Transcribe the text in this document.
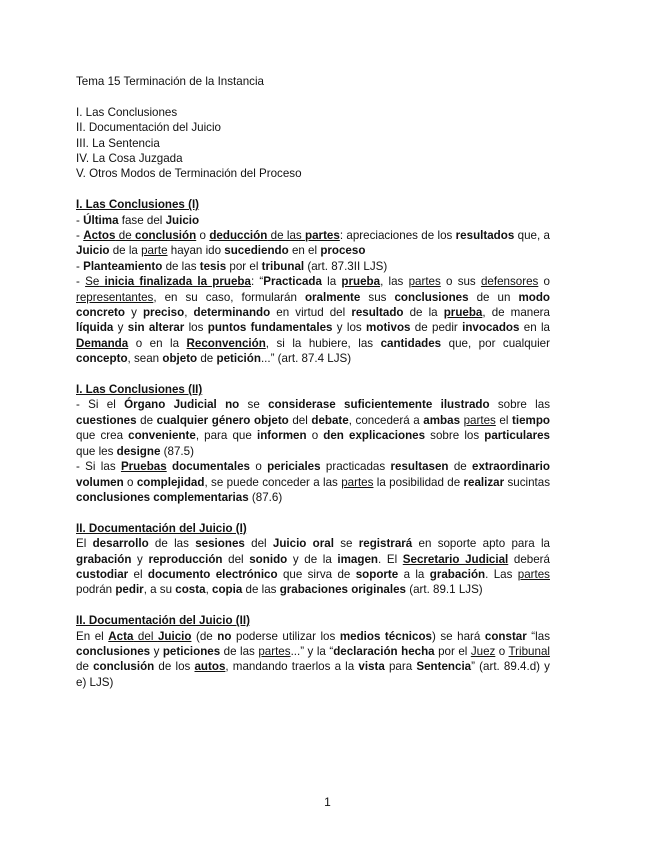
Tema 15 Terminación de la Instancia
I. Las Conclusiones
II. Documentación del Juicio
III. La Sentencia
IV. La Cosa Juzgada
V. Otros Modos de Terminación del Proceso
I. Las Conclusiones (I)
- Última fase del Juicio
- Actos de conclusión o deducción de las partes: apreciaciones de los resultados que, a Juicio de la parte hayan ido sucediendo en el proceso
- Planteamiento de las tesis por el tribunal (art. 87.3II LJS)
- Se inicia finalizada la prueba: “Practicada la prueba, las partes o sus defensores o representantes, en su caso, formularán oralmente sus conclusiones de un modo concreto y preciso, determinando en virtud del resultado de la prueba, de manera líquida y sin alterar los puntos fundamentales y los motivos de pedir invocados en la Demanda o en la Reconvención, si la hubiere, las cantidades que, por cualquier concepto, sean objeto de petición...” (art. 87.4 LJS)
I. Las Conclusiones (II)
- Si el Órgano Judicial no se considerase suficientemente ilustrado sobre las cuestiones de cualquier género objeto del debate, concederá a ambas partes el tiempo que crea conveniente, para que informen o den explicaciones sobre los particulares que les designe (87.5)
- Si las Pruebas documentales o periciales practicadas resultasen de extraordinario volumen o complejidad, se puede conceder a las partes la posibilidad de realizar sucintas conclusiones complementarias (87.6)
II. Documentación del Juicio (I)
El desarrollo de las sesiones del Juicio oral se registrará en soporte apto para la grabación y reproducción del sonido y de la imagen. El Secretario Judicial deberá custodiar el documento electrónico que sirva de soporte a la grabación. Las partes podrán pedir, a su costa, copia de las grabaciones originales (art. 89.1 LJS)
II. Documentación del Juicio (II)
En el Acta del Juicio (de no poderse utilizar los medios técnicos) se hará constar “las conclusiones y peticiones de las partes...” y la “declaración hecha por el Juez o Tribunal de conclusión de los autos, mandando traerlos a la vista para Sentencia” (art. 89.4.d) y e) LJS)
1
